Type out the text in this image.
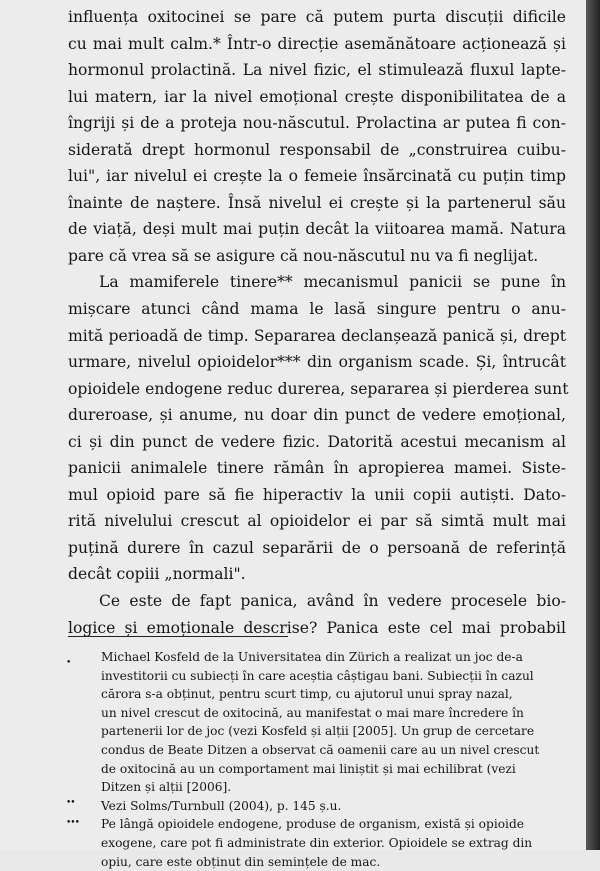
influența oxitocinei se pare că putem purta discuții dificile

cu mai mult calm.* Într-o direcție asemănătoare acționează și

hormonul prolactină. La nivel fizic, el stimulează fluxul lapte-

lui matern, iar la nivel emoțional crește disponibilitatea de a

îngriji și de a proteja nou-născutul. Prolactina ar putea fi con-

siderată drept hormonul responsabil de „construirea cuibu-

lui", iar nivelul ei crește la o femeie însărcinată cu puțin timp

înainte de naștere. Însă nivelul ei crește și la partenerul său

de viață, deși mult mai puțin decât la viitoarea mamă. Natura

pare că vrea să se asigure că nou-născutul nu va fi neglijat.

La mamiferele tinere** mecanismul panicii se pune în

mișcare atunci când mama le lasă singure pentru o anu-

mită perioadă de timp. Separarea declanșează panică și, drept

urmare, nivelul opioidelor*** din organism scade. Și, întrucât

opioidele endogene reduc durerea, separarea și pierderea sunt

dureroase, și anume, nu doar din punct de vedere emoțional,

ci și din punct de vedere fizic. Datorită acestui mecanism al

panicii animalele tinere rămân în apropierea mamei. Siste-

mul opioid pare să fie hiperactiv la unii copii autiști. Dato-

rită nivelului crescut al opioidelor ei par să simtă mult mai

puțină durere în cazul separării de o persoană de referință

decât copiii „normali".

Ce este de fapt panica, având în vedere procesele bio-

logice și emoționale descrise? Panica este cel mai probabil

•	Michael Kosfeld de la Universitatea din Zürich a realizat un joc de-a

investitorii cu subiecți în care aceștia câștigau bani. Subiecții în cazul

cărora s-a obținut, pentru scurt timp, cu ajutorul unui spray nazal,

un nivel crescut de oxitocină, au manifestat o mai mare încredere în

partenerii lor de joc (vezi Kosfeld și alții [2005]. Un grup de cercetare

condus de Beate Ditzen a observat că oamenii care au un nivel crescut

de oxitocină au un comportament mai liniștit și mai echilibrat (vezi

Ditzen și alții [2006].

••	Vezi Solms/Turnbull (2004), p. 145 ș.u.

••• Pe lângă opioidele endogene, produse de organism, există și opioide

exogene, care pot fi administrate din exterior. Opioidele se extrag din

opiu, care este obținut din semințele de mac.
